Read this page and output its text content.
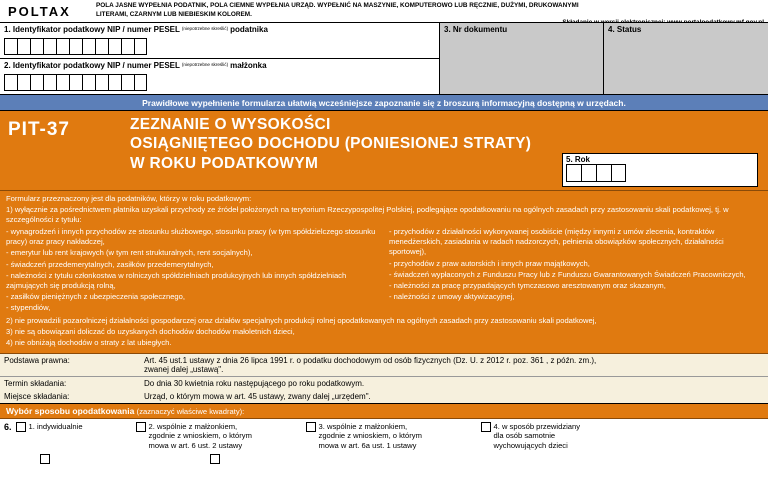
POLTAX	POLA JASNE WYPEŁNIA PODATNIK, POLA CIEMNE WYPEŁNIA URZĄD. WYPEŁNIĆ NA MASZYNIE, KOMPUTEROWO LUB RĘCZNIE, DUŻYMI, DRUKOWANYMI
LITERAMI, CZARNYM LUB NIEBIESKIM KOLOREM.
1. Identyfikator podatkowy NIP / numer PESEL (niepotrzebne skreślić) podatnika
2. Identyfikator podatkowy NIP / numer PESEL (niepotrzebne skreślić) małżonka
3. Nr dokumentu	4. Status
Prawidłowe wypełnienie formularza ułatwią wcześniejsze zapoznanie się z broszurą informacyjną dostępną w urzędach.
PIT-37	ZEZNANIE O WYSOKOŚCI
OSIĄGNIĘTEGO DOCHODU (PONIESIONEJ STRATY)
W ROKU PODATKOWYM	5. Rok

Formularz przeznaczony jest dla podatników, którzy w roku podatkowym:

1) wyłącznie za pośrednictwem płatnika uzyskali przychody ze źródeł położonych na terytorium Rzeczypospolitej Polskiej, podlegające opodatkowaniu na ogólnych zasadach przy zastosowaniu skali podatkowej, tj. w szczególności z tytułu:

- wynagrodzeń i innych przychodów ze stosunku służbowego, stosunku pracy (w tym spółdzielczego stosunku pracy) oraz pracy nakładczej,

- emerytur lub rent krajowych (w tym rent strukturalnych, rent socjalnych),

- świadczeń przedemerytalnych, zasiłków przedemerytalnych,

- należności z tytułu członkostwa w rolniczych spółdzielniach produkcyjnych lub innych spółdzielniach zajmujących się produkcją rolną,

- zasiłków pieniężnych z ubezpieczenia społecznego,

- stypendiów,

- przychodów z działalności wykonywanej osobiście (między innymi z umów zlecenia, kontraktów menedżerskich, zasiadania w radach nadzorczych, pełnienia obowiązków społecznych, działalności sportowej),

- przychodów z praw autorskich i innych praw majątkowych,

- świadczeń wypłaconych z Funduszu Pracy lub z Funduszu Gwarantowanych Świadczeń Pracowniczych,

- należności za pracę przypadających tymczasowo aresztowanym oraz skazanym,

- należności z umowy aktywizacyjnej,

2) nie prowadzili pozarolniczej działalności gospodarczej oraz działów specjalnych produkcji rolnej opodatkowanych na ogólnych zasadach przy zastosowaniu skali podatkowej,

3) nie są obowiązani doliczać do uzyskanych dochodów dochodów małoletnich dzieci,

4) nie obniżają dochodów o straty z lat ubiegłych.

Podstawa prawna:	Art. 45 ust.1 ustawy z dnia 26 lipca 1991 r. o podatku dochodowym od osób fizycznych (Dz. U. z 2012 r. poz. 361 , z późn. zm.),
zwanej dalej „ustawą".
Termin składania:	Do dnia 30 kwietnia roku następującego po roku podatkowym.
Miejsce składania:	Urząd, o którym mowa w art. 45 ustawy, zwany dalej „urzędem".
Wybór sposobu opodatkowania (zaznaczyć właściwe kwadraty):
6.	1. indywidualnie	2. wspólnie z małżonkiem,
zgodnie z wnioskiem, o którym
mowa w art. 6 ust. 2 ustawy
3. wspólnie z małżonkiem,
zgodnie z wnioskiem, o którym
mowa w art. 6a ust. 1 ustawy
4. w sposób przewidziany
dla osób samotnie
wychowujących dzieci
